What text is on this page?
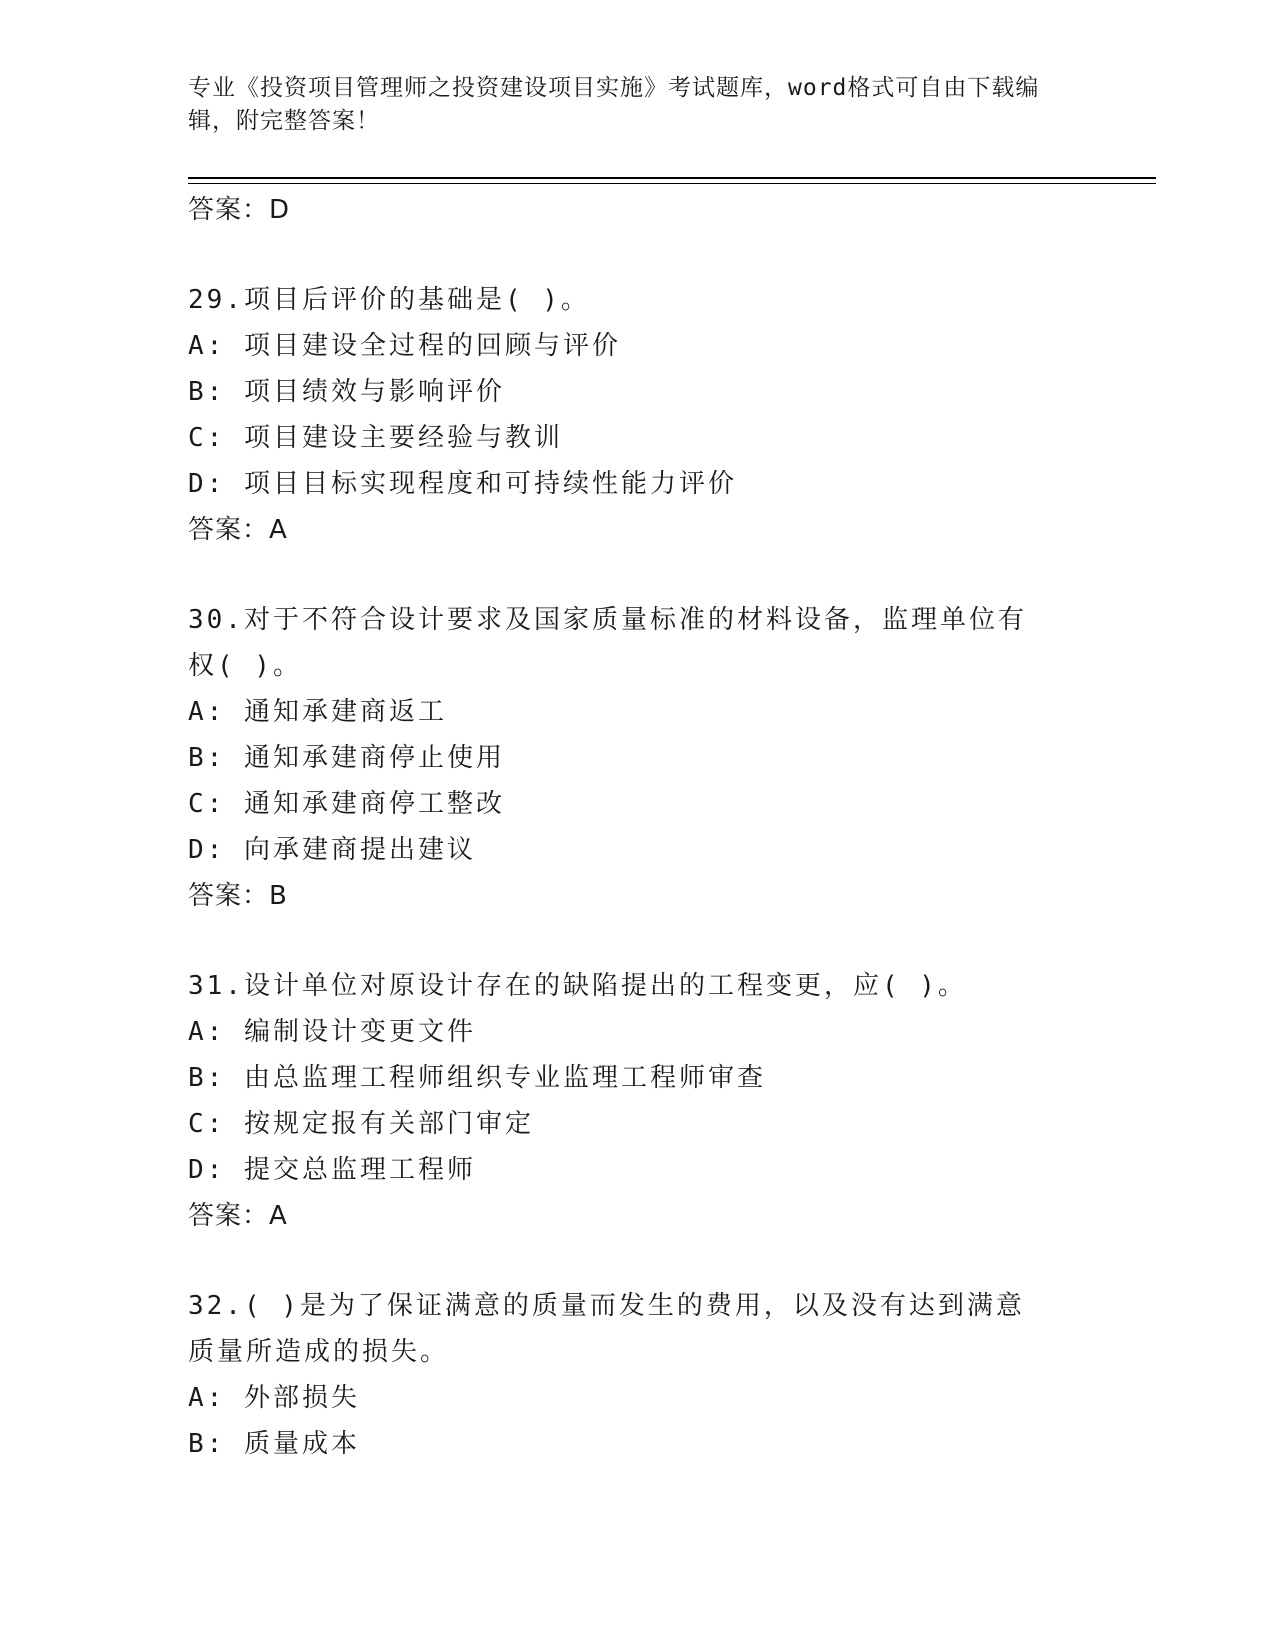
专业《投资项目管理师之投资建设项目实施》考试题库，word格式可自由下载编辑，附完整答案！
答案：D
29.项目后评价的基础是( )。
A: 项目建设全过程的回顾与评价
B: 项目绩效与影响评价
C: 项目建设主要经验与教训
D: 项目目标实现程度和可持续性能力评价
答案：A
30.对于不符合设计要求及国家质量标准的材料设备，监理单位有权( )。
A: 通知承建商返工
B: 通知承建商停止使用
C: 通知承建商停工整改
D: 向承建商提出建议
答案：B
31.设计单位对原设计存在的缺陷提出的工程变更，应( )。
A: 编制设计变更文件
B: 由总监理工程师组织专业监理工程师审查
C: 按规定报有关部门审定
D: 提交总监理工程师
答案：A
32.( )是为了保证满意的质量而发生的费用，以及没有达到满意质量所造成的损失。
A: 外部损失
B: 质量成本
